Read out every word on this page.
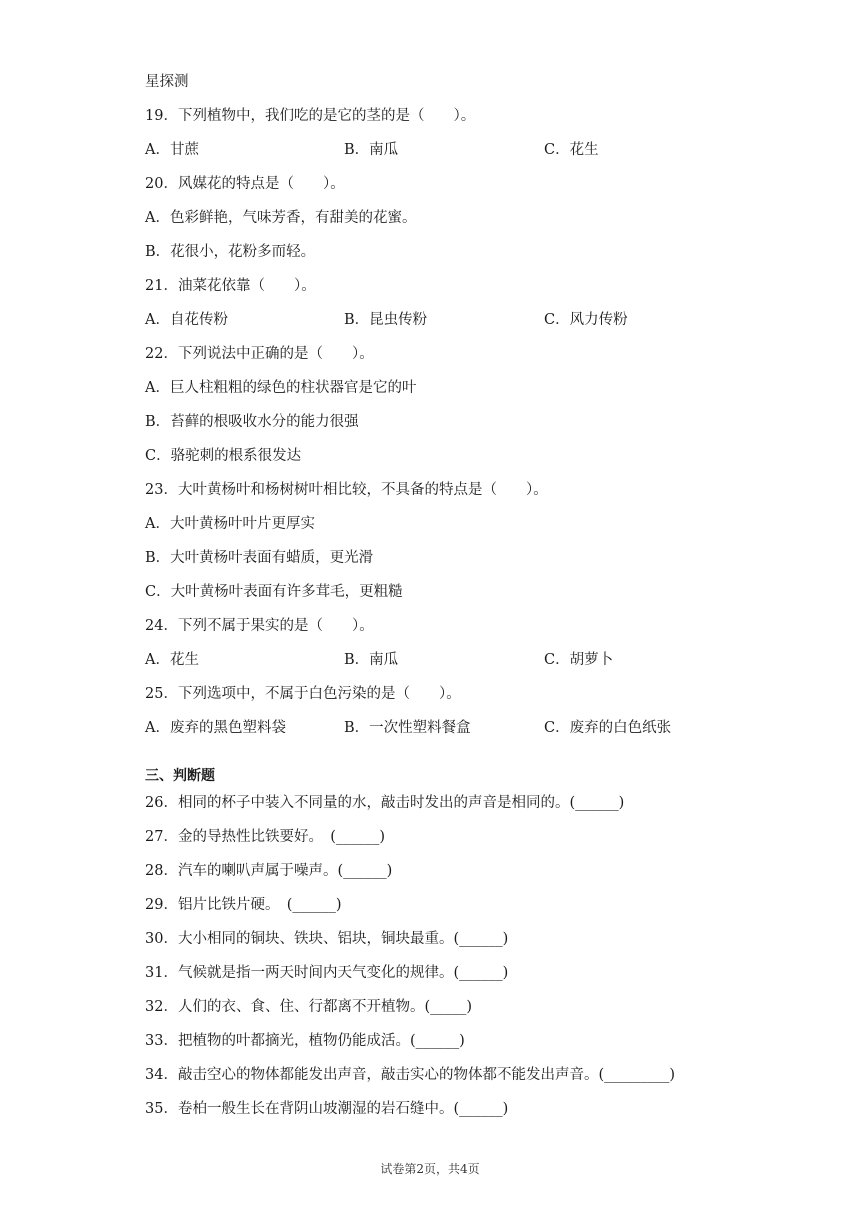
星探测
19．下列植物中，我们吃的是它的茎的是（　　）。
A．甘蔗	B．南瓜	C．花生
20．风媒花的特点是（　　）。
A．色彩鲜艳，气味芳香，有甜美的花蜜。
B．花很小，花粉多而轻。
21．油菜花依靠（　　）。
A．自花传粉	B．昆虫传粉	C．风力传粉
22．下列说法中正确的是（　　）。
A．巨人柱粗粗的绿色的柱状器官是它的叶
B．苔藓的根吸收水分的能力很强
C．骆驼刺的根系很发达
23．大叶黄杨叶和杨树树叶相比较，不具备的特点是（　　）。
A．大叶黄杨叶叶片更厚实
B．大叶黄杨叶表面有蜡质，更光滑
C．大叶黄杨叶表面有许多茸毛，更粗糙
24．下列不属于果实的是（　　）。
A．花生	B．南瓜	C．胡萝卜
25．下列选项中，不属于白色污染的是（　　）。
A．废弃的黑色塑料袋	B．一次性塑料餐盒	C．废弃的白色纸张
三、判断题
26．相同的杯子中装入不同量的水，敲击时发出的声音是相同的。(______)
27．金的导热性比铁要好。　(______)
28．汽车的喇叭声属于噪声。(______)
29．铝片比铁片硬。　(______)
30．大小相同的铜块、铁块、铝块，铜块最重。(______)
31．气候就是指一两天时间内天气变化的规律。(______)
32．人们的衣、食、住、行都离不开植物。(_____)
33．把植物的叶都摘光，植物仍能成活。(______)
34．敲击空心的物体都能发出声音，敲击实心的物体都不能发出声音。(_________)
35．卷柏一般生长在背阴山坡潮湿的岩石缝中。(______)
试卷第2页，共4页
